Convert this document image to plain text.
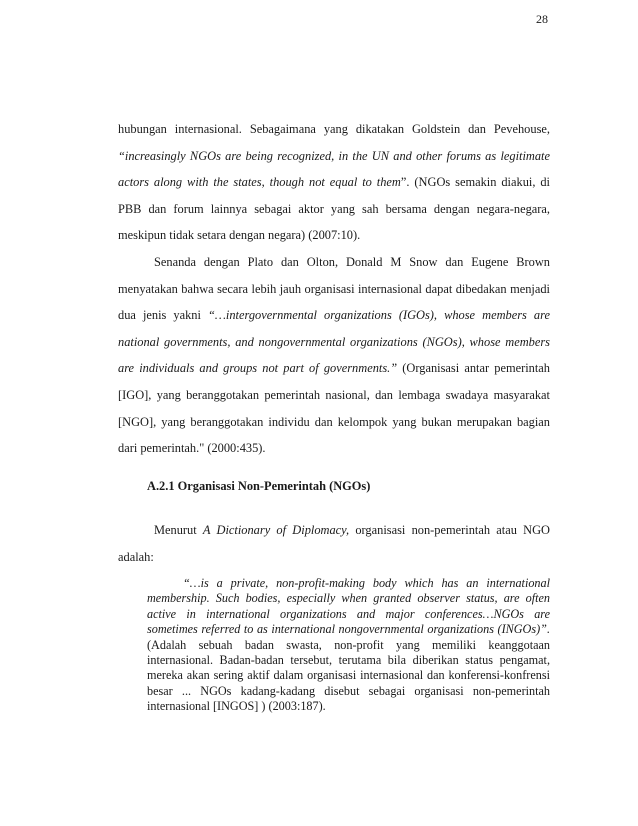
28

hubungan internasional. Sebagaimana yang dikatakan Goldstein dan Pevehouse, “increasingly NGOs are being recognized, in the UN and other forums as legitimate actors along with the states, though not equal to them”. (NGOs semakin diakui, di PBB dan forum lainnya sebagai aktor yang sah bersama dengan negara-negara, meskipun tidak setara dengan negara) (2007:10).

Senanda dengan Plato dan Olton, Donald M Snow dan Eugene Brown menyatakan bahwa secara lebih jauh organisasi internasional dapat dibedakan menjadi dua jenis yakni “…intergovernmental organizations (IGOs), whose members are national governments, and nongovernmental organizations (NGOs), whose members are individuals and groups not part of governments.” (Organisasi antar pemerintah [IGO], yang beranggotakan pemerintah nasional, dan lembaga swadaya masyarakat [NGO], yang beranggotakan individu dan kelompok yang bukan merupakan bagian dari pemerintah." (2000:435).

A.2.1 Organisasi Non-Pemerintah (NGOs)

Menurut A Dictionary of Diplomacy, organisasi non-pemerintah atau NGO adalah:

“…is a private, non-profit-making body which has an international membership. Such bodies, especially when granted observer status, are often active in international organizations and major conferences…NGOs are sometimes referred to as international nongovernmental organizations (INGOs)”. (Adalah sebuah badan swasta, non-profit yang memiliki keanggotaan internasional. Badan-badan tersebut, terutama bila diberikan status pengamat, mereka akan sering aktif dalam organisasi internasional dan konferensi-konfrensi besar ... NGOs kadang-kadang disebut sebagai organisasi non-pemerintah internasional [INGOS] ) (2003:187).
